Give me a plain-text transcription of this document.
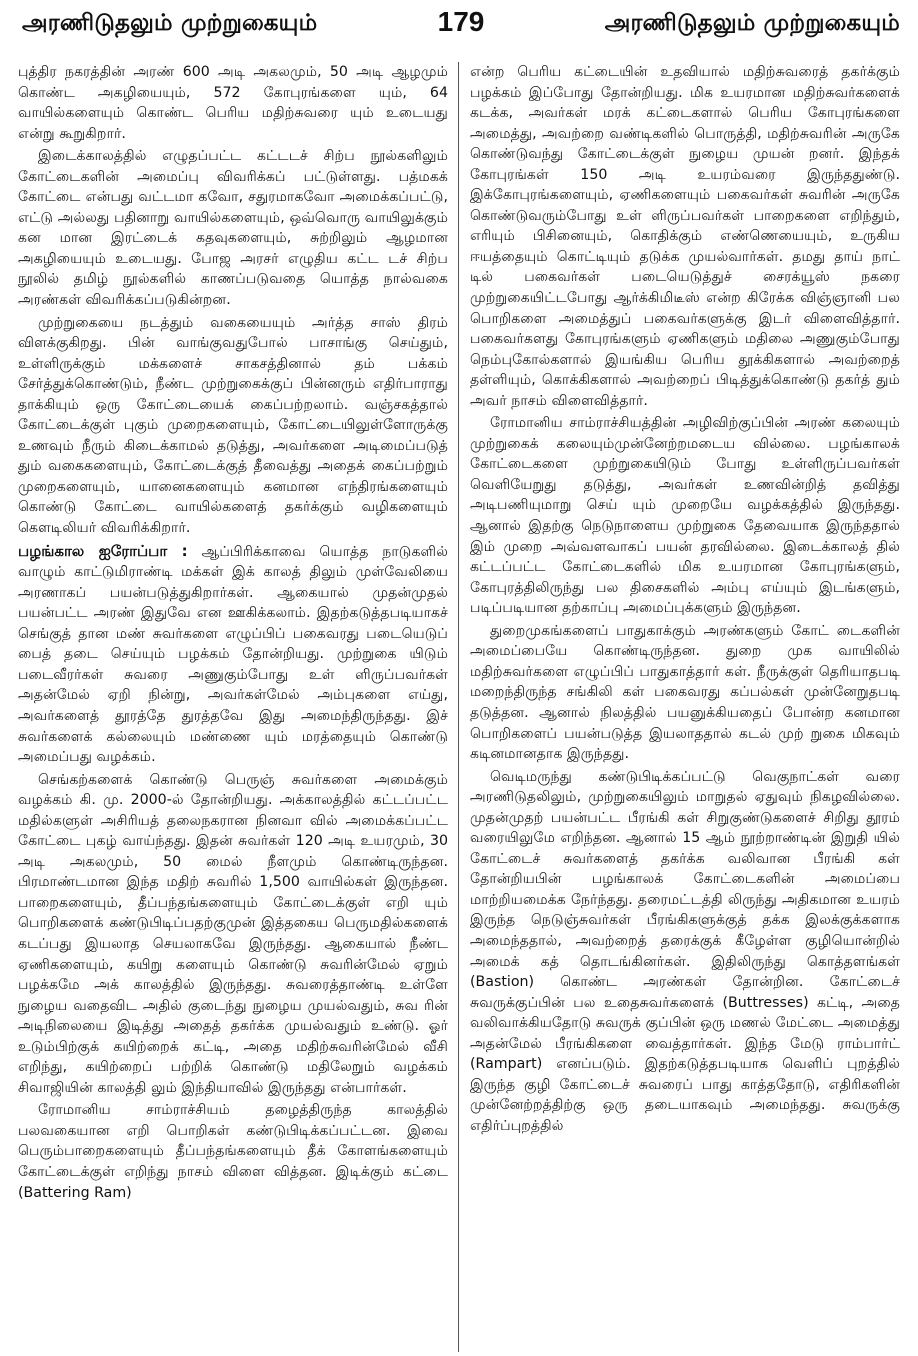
அரணிடுதலும் முற்றுகையும்	179	அரணிடுதலும் முற்றுகையும்

புத்திர நகரத்தின் அரண் 600 அடி அகலமும், 50 அடி ஆழமும் கொண்ட அகழியையும், 572 கோபுரங்களை யும், 64 வாயில்களையும் கொண்ட பெரிய மதிற்சுவரை யும் உடையது என்று கூறுகிறார்.

இடைக்காலத்தில் எழுதப்பட்ட கட்டடச் சிற்ப நூல்களிலும் கோட்டைகளின் அமைப்பு விவரிக்கப் பட்டுள்ளது. பத்மகக் கோட்டை என்பது வட்டமா கவோ, சதுரமாகவோ அமைக்கப்பட்டு, எட்டு அல்லது பதினாறு வாயில்களையும், ஒவ்வொரு வாயிலுக்கும் கன மான இரட்டைக் கதவுகளையும், சுற்றிலும் ஆழமான அகழியையும் உடையது. போஜ அரசர் எழுதிய கட்ட டச் சிற்ப நூலில் தமிழ் நூல்களில் காணப்படுவதை யொத்த நால்வகை அரண்கள் விவரிக்கப்படுகின்றன.

முற்றுகையை நடத்தும் வகையையும் அர்த்த சாஸ் திரம் விளக்குகிறது. பின் வாங்குவதுபோல் பாசாங்கு செய்தும், உள்ளிருக்கும் மக்களைச் சாகசத்தினால் தம் பக்கம் சேர்த்துக்கொண்டும், நீண்ட முற்றுகைக்குப் பின்னரும் எதிர்பாராது தாக்கியும் ஒரு கோட்டையைக் கைப்பற்றலாம். வஞ்சகத்தால் கோட்டைக்குள் புகும் முறைகளையும், கோட்டையிலுள்ளோருக்கு உணவும் நீரும் கிடைக்காமல் தடுத்து, அவர்களை அடிமைப்படுத் தும் வகைகளையும், கோட்டைக்குத் தீவைத்து அதைக் கைப்பற்றும் முறைகளையும், யானைகளையும் கனமான எந்திரங்களையும் கொண்டு கோட்டை வாயில்களைத் தகர்க்கும் வழிகளையும் கௌடிலியர் விவரிக்கிறார்.

பழங்கால ஐரோப்பா : ஆப்பிரிக்காவை யொத்த நாடுகளில் வாழும் காட்டுமிராண்டி மக்கள் இக் காலத் திலும் முள்வேலியை அரணாகப் பயன்படுத்துகிறார்கள். ஆகையால் முதன்முதல் பயன்பட்ட அரண் இதுவே என ஊகிக்கலாம். இதற்கடுத்தபடியாகச் செங்குத் தான மண் சுவர்களை எழுப்பிப் பகைவரது படையெடுப் பைத் தடை செய்யும் பழக்கம் தோன்றியது. முற்றுகை யிடும் படைவீரர்கள் சுவரை அணுகும்போது உள் ளிருப்பவர்கள் அதன்மேல் ஏறி நின்று, அவர்கள்மேல் அம்புகளை எய்து, அவர்களைத் தூரத்தே துரத்தவே இது அமைந்திருந்தது. இச் சுவர்களைக் கல்லையும் மண்ணை யும் மரத்தையும் கொண்டு அமைப்பது வழக்கம்.

செங்கற்களைக் கொண்டு பெருஞ் சுவர்களை அமைக்கும் வழக்கம் கி. மு. 2000-ல் தோன்றியது. அக்காலத்தில் கட்டப்பட்ட மதில்களுள் அசிரியத் தலைநகரான நினவா வில் அமைக்கப்பட்ட கோட்டை புகழ் வாய்ந்தது. இதன் சுவர்கள் 120 அடி உயரமும், 30 அடி அகலமும், 50 மைல் நீளமும் கொண்டிருந்தன. பிரமாண்டமான இந்த மதிற் சுவரில் 1,500 வாயில்கள் இருந்தன. பாறைகளையும், தீப்பந்தங்களையும் கோட்டைக்குள் எறி யும் பொறிகளைக் கண்டுபிடிப்பதற்குமுன் இத்தகைய பெருமதில்களைக் கடப்பது இயலாத செயலாகவே இருந்தது. ஆகையால் நீண்ட ஏணிகளையும், கயிறு களையும் கொண்டு சுவரின்மேல் ஏறும் பழக்கமே அக் காலத்தில் இருந்தது. சுவரைத்தாண்டி உள்ளே நுழைய வதைவிட அதில் குடைந்து நுழைய முயல்வதும், சுவ ரின் அடிநிலையை இடித்து அதைத் தகர்க்க முயல்வதும் உண்டு. ஓர் உடும்பிற்குக் கயிற்றைக் கட்டி, அதை மதிற்சுவரின்மேல் வீசி எறிந்து, கயிற்றைப் பற்றிக் கொண்டு மதிலேறும் வழக்கம் சிவாஜியின் காலத்தி லும் இந்தியாவில் இருந்தது என்பார்கள்.

ரோமானிய சாம்ராச்சியம் தழைத்திருந்த காலத்தில் பலவகையான எறி பொறிகள் கண்டுபிடிக்கப்பட்டன. இவை பெரும்பாறைகளையும் தீப்பந்தங்களையும் தீக் கோளங்களையும் கோட்டைக்குள் எறிந்து நாசம் விளை வித்தன. இடிக்கும் கட்டை (Battering Ram)

என்ற பெரிய கட்டையின் உதவியால் மதிற்சுவரைத் தகர்க்கும் பழக்கம் இப்போது தோன்றியது. மிக உயரமான மதிற்சுவர்களைக் கடக்க, அவர்கள் மரக் கட்டைகளால் பெரிய கோபுரங்களை அமைத்து, அவற்றை வண்டிகளில் பொருத்தி, மதிற்சுவரின் அருகே கொண்டுவந்து கோட்டைக்குள் நுழைய முயன் றனர். இந்தக் கோபுரங்கள் 150 அடி உயரம்வரை இருந்ததுண்டு. இக்கோபுரங்களையும், ஏணிகளையும் பகைவர்கள் சுவரின் அருகே கொண்டுவரும்போது உள் ளிருப்பவர்கள் பாறைகளை எறிந்தும், எரியும் பிசினையும், கொதிக்கும் எண்ணெயையும், உருகிய ஈயத்தையும் கொட்டியும் தடுக்க முயல்வார்கள். தமது தாய் நாட் டில் பகைவர்கள் படையெடுத்துச் சைரக்யூஸ் நகரை முற்றுகையிட்டபோது ஆர்க்கிமிடீஸ் என்ற கிரேக்க விஞ்ஞானி பல பொறிகளை அமைத்துப் பகைவர்களுக்கு இடர் விளைவித்தார். பகைவர்களது கோபுரங்களும் ஏணிகளும் மதிலை அணுகும்போது நெம்புகோல்களால் இயங்கிய பெரிய தூக்கிகளால் அவற்றைத் தள்ளியும், கொக்கிகளால் அவற்றைப் பிடித்துக்கொண்டு தகர்த் தும் அவர் நாசம் விளைவித்தார்.

ரோமானிய சாம்ராச்சியத்தின் அழிவிற்குப்பின் அரண் கலையும் முற்றுகைக் கலையும்முன்னேற்றமடைய வில்லை. பழங்காலக் கோட்டைகளை முற்றுகையிடும் போது உள்ளிருப்பவர்கள் வெளியேறுது தடுத்து, அவர்கள் உணவின்றித் தவித்து அடிபணியுமாறு செய் யும் முறையே வழக்கத்தில் இருந்தது. ஆனால் இதற்கு நெடுநாளைய முற்றுகை தேவையாக இருந்ததால் இம் முறை அவ்வளவாகப் பயன் தரவில்லை. இடைக்காலத் தில் கட்டப்பட்ட கோட்டைகளில் மிக உயரமான கோபுரங்களும், கோபுரத்திலிருந்து பல திசைகளில் அம்பு எய்யும் இடங்களும், படிப்படியான தற்காப்பு அமைப்புக்களும் இருந்தன.

துறைமுகங்களைப் பாதுகாக்கும் அரண்களும் கோட் டைகளின் அமைப்பையே கொண்டிருந்தன. துறை முக வாயிலில் மதிற்சுவர்களை எழுப்பிப் பாதுகாத்தார் கள். நீருக்குள் தெரியாதபடி மறைந்திருந்த சங்கிலி கள் பகைவரது கப்பல்கள் முன்னேறுதபடி தடுத்தன. ஆனால் நிலத்தில் பயனுக்கியதைப் போன்ற கனமான பொறிகளைப் பயன்படுத்த இயலாததால் கடல் முற் றுகை மிகவும் கடினமானதாக இருந்தது.

வெடிமருந்து கண்டுபிடிக்கப்பட்டு வெகுநாட்கள் வரை அரணிடுதலிலும், முற்றுகையிலும் மாறுதல் ஏதுவும் நிகழவில்லை. முதன்முதற் பயன்பட்ட பீரங்கி கள் சிறுகுண்டுகளைச் சிறிது தூரம் வரையிலுமே எறிந்தன. ஆனால் 15 ஆம் நூற்றாண்டின் இறுதி யில் கோட்டைச் சுவர்களைத் தகர்க்க வலிவான பீரங்கி கள் தோன்றியபின் பழங்காலக் கோட்டைகளின் அமைப்பை மாற்றியமைக்க நேர்ந்தது. தரைமட்டத்தி லிருந்து அதிகமான உயரம் இருந்த நெடுஞ்சுவர்கள் பீரங்கிகளுக்குத் தக்க இலக்குக்களாக அமைந்ததால், அவற்றைத் தரைக்குக் கீழேள்ள குழியொன்றில் அமைக் கத் தொடங்கினர்கள். இதிலிருந்து கொத்தளங்கள் (Bastion) கொண்ட அரண்கள் தோன்றின. கோட்டைச் சுவருக்குப்பின் பல உதைசுவர்களைக் (Buttresses) கட்டி, அதை வலிவாக்கியதோடு சுவருக் குப்பின் ஒரு மணல் மேட்டை அமைத்து அதன்மேல் பீரங்கிகளை வைத்தார்கள். இந்த மேடு ராம்பார்ட் (Rampart) எனப்படும். இதற்கடுத்தபடியாக வெளிப் புறத்தில் இருந்த குழி கோட்டைச் சுவரைப் பாது காத்ததோடு, எதிரிகளின் முன்னேற்றத்திற்கு ஒரு தடையாகவும் அமைந்தது. சுவருக்கு எதிர்ப்புறத்தில்
